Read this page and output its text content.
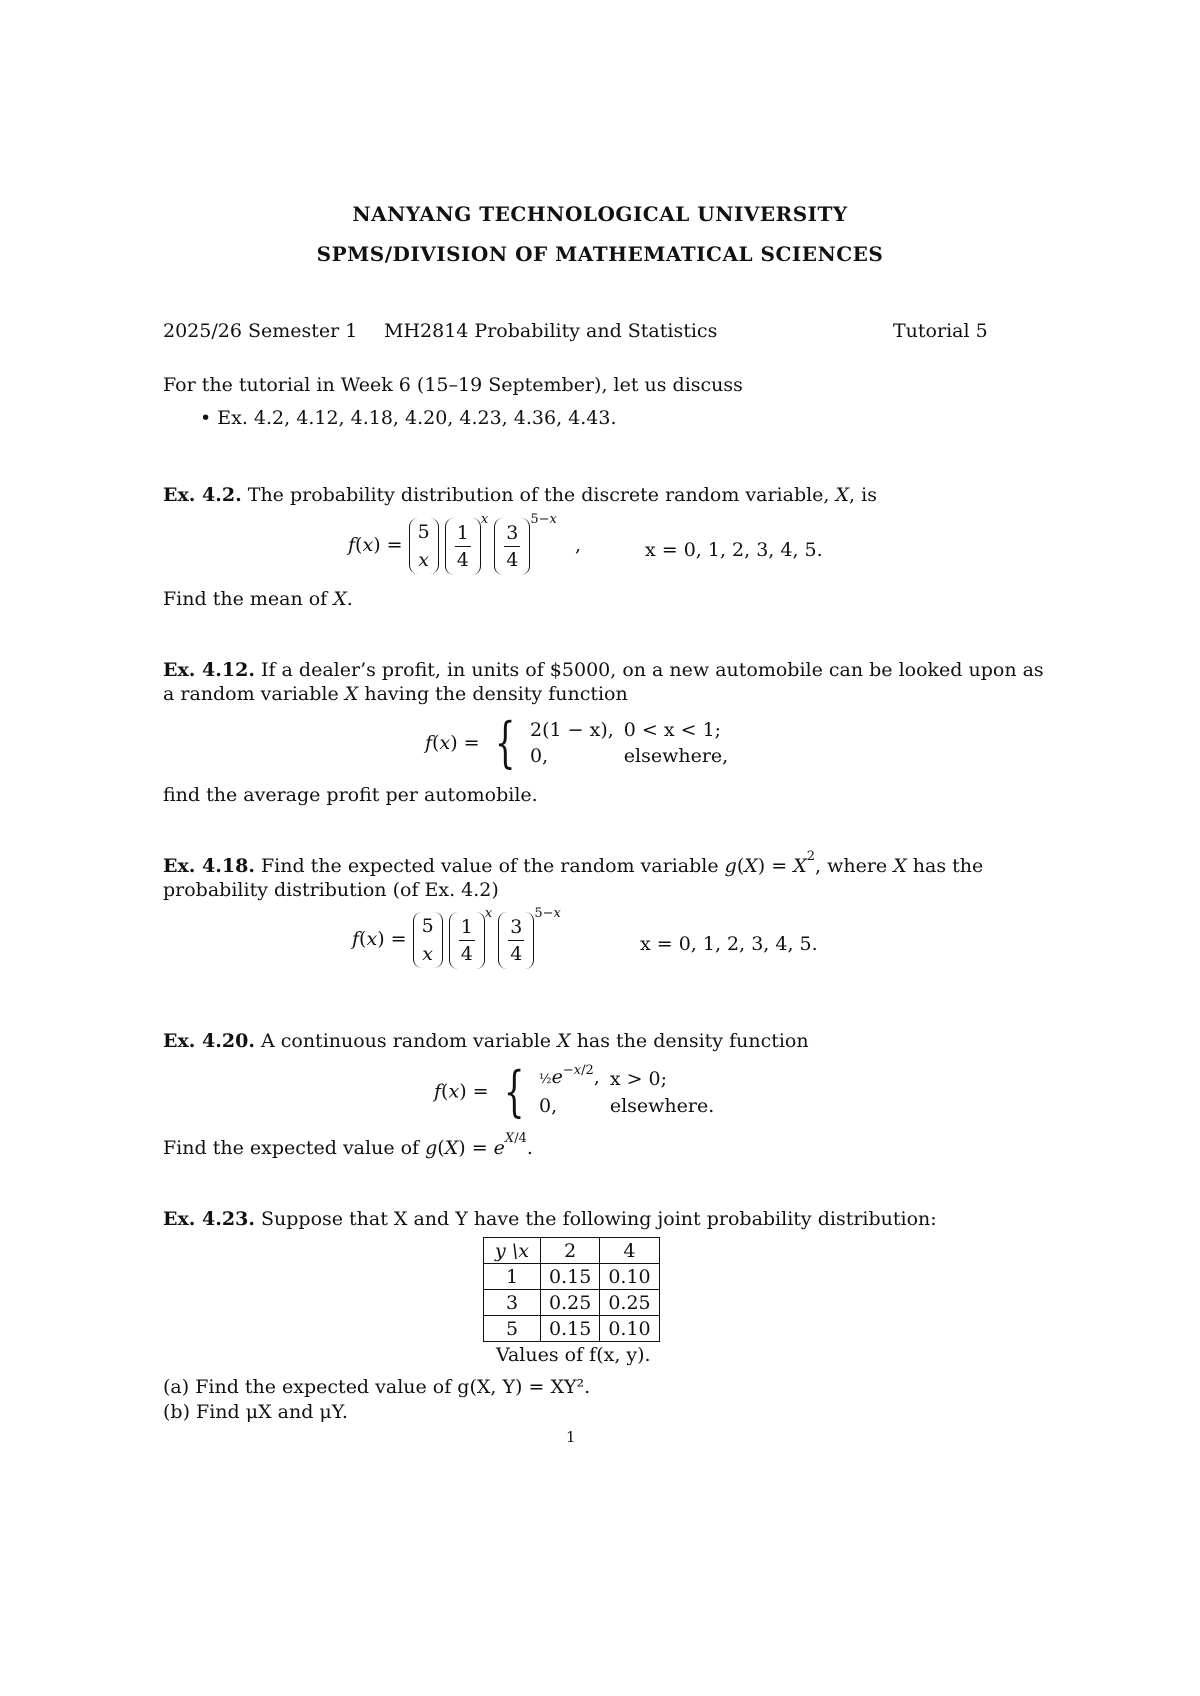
NANYANG TECHNOLOGICAL UNIVERSITY
SPMS/DIVISION OF MATHEMATICAL SCIENCES
2025/26 Semester 1 MH2814 Probability and Statistics	Tutorial 5
For the tutorial in Week 6 (15–19 September), let us discuss
• Ex. 4.2, 4.12, 4.18, 4.20, 4.23, 4.36, 4.43.
Ex. 4.2. The probability distribution of the discrete random variable, X, is
f(x) = 5
x $\frac{1}{4} ^x \frac{3}{4} ^{5-x}$   ,	x = 0, 1, 2, 3, 4, 5.
Find the mean of X.
Ex. 4.12. If a dealer’s profit, in units of $5000, on a new automobile can be looked upon as
a random variable X having the density function
f(x) = { 2(1 − x),	0 < x < 1;
0,	elsewhere,
find the average profit per automobile.
Ex. 4.18. Find the expected value of the random variable $g(X) = X^2$, where X has the
probability distribution (of Ex. 4.2)
f(x) = 5
x $\frac{1}{4} ^x \frac{3}{4} ^{5-x}$
x = 0, 1, 2, 3, 4, 5.
Ex. 4.20. A continuous random variable X has the density function
f(x) = { $\frac{1}{2}e^{-x/2}$,	x > 0;
0,	elsewhere.
Find the expected value of $g(X) = e^{X/4}$.
Ex. 4.23. Suppose that X and Y have the following joint probability distribution:
y \x	2	4
1	0.15	0.10
3	0.25	0.25
5	0.15	0.10
Values of f(x, y).
(a) Find the expected value of g(X, Y) = XY².
(b) Find μX and μY.
1
